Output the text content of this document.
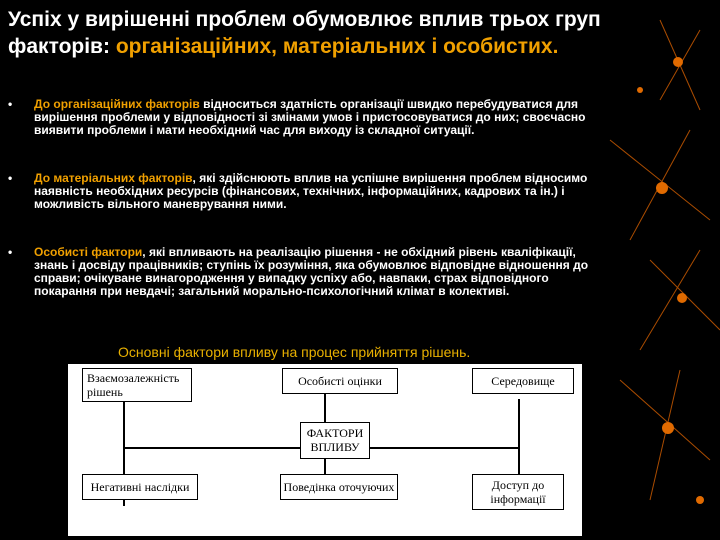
Успіх у вирішенні проблем обумовлює вплив трьох груп факторів: організаційних, матеріальних і особистих.
• До організаційних факторів відноситься здатність організації швидко перебудуватися для вирішення проблеми у відповідності зі змінами умов і пристосовуватися до них; своєчасно виявити проблеми і мати необхідний час для виходу із складної ситуації.
• До матеріальних факторів, які здійснюють вплив на успішне вирішення проблем відносимо наявність необхідних ресурсів (фінансових, технічних, інформаційних, кадрових та ін.) і можливість вільного маневрування ними.
• Особисті фактори, які впливають на реалізацію рішення - не обхідний рівень кваліфікації, знань і досвіду працівників; ступінь їх розуміння, яка обумовлює відповідне відношення до справи; очікуване винагородження у випадку успіху або, навпаки, страх відповідного покарання при невдачі; загальний морально-психологічний клімат в колективі.
Основні фактори впливу на процес прийняття рішень.
Взаємозалежність рішень
Особисті оцінки	Середовище
ФАКТОРИ ВПЛИВУ
Негативні наслідки	Поведінка оточуючих	Доступ до інформації
